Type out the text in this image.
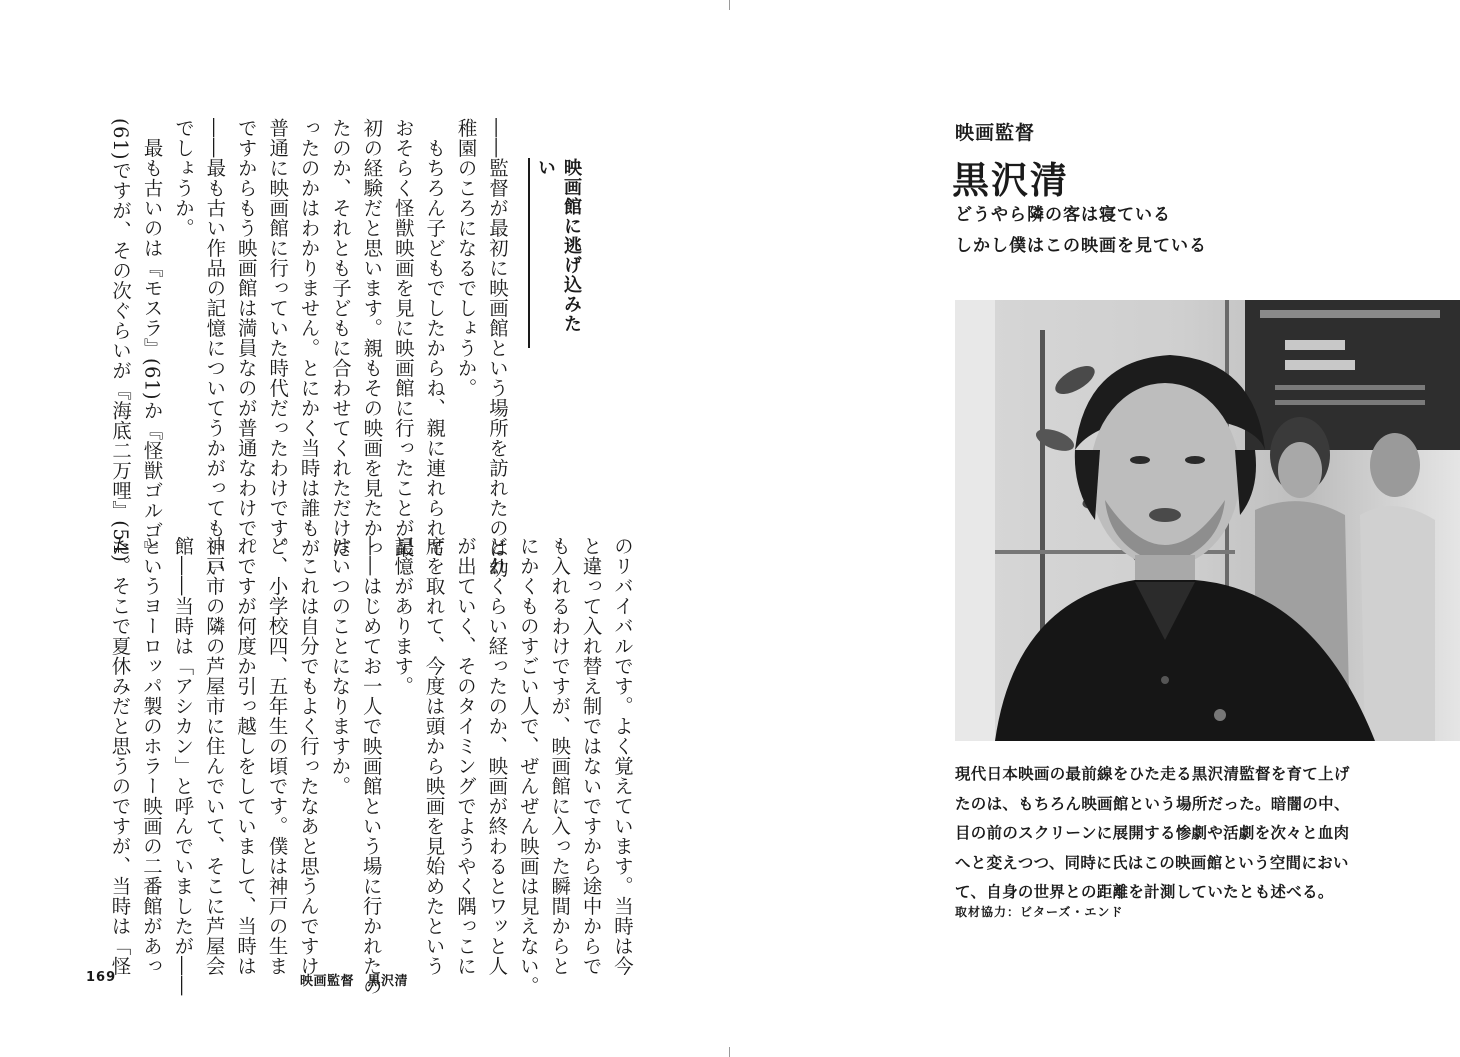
映画館に逃げ込みたい

――監督が最初に映画館という場所を訪れたのは幼

稚園のころになるでしょうか。

　もちろん子どもでしたからね、親に連れられて

おそらく怪獣映画を見に映画館に行ったことが最

初の経験だと思います。親もその映画を見たかっ

たのか、それとも子どもに合わせてくれただけだ

ったのかはわかりません。とにかく当時は誰もが

普通に映画館に行っていた時代だったわけです。

ですからもう映画館は満員なのが普通なわけで。

――最も古い作品の記憶についてうかがってもいい

でしょうか。

　最も古いのは『モスラ』(61)か『怪獣ゴルゴ』

(61)ですが、その次ぐらいが『海底二万哩』(54)

のリバイバルです。よく覚えています。当時は今

と違って入れ替え制ではないですから途中からで

も入れるわけですが、映画館に入った瞬間からと

にかくものすごい人で、ぜんぜん映画は見えない。

どれくらい経ったのか、映画が終わるとワッと人

が出ていく、そのタイミングでようやく隅っこに

席を取れて、今度は頭から映画を見始めたという

記憶があります。

――はじめてお一人で映画館という場に行かれたの

はいつのことになりますか。

　これは自分でもよく行ったなあと思うんですけ

ど、小学校四、五年生の頃です。僕は神戸の生ま

れですが何度か引っ越しをしていまして、当時は

神戸市の隣の芦屋市に住んでいて、そこに芦屋会

館――当時は「アシカン」と呼んでいましたが――

というヨーロッパ製のホラー映画の二番館があっ

た。そこで夏休みだと思うのですが、当時は「怪

169	映画監督　黒沢清
映画監督
黒沢清
どうやら隣の客は寝ている
しかし僕はこの映画を見ている
現代日本映画の最前線をひた走る黒沢清監督を育て上げ
たのは、もちろん映画館という場所だった。暗闇の中、
目の前のスクリーンに展開する惨劇や活劇を次々と血肉
へと変えつつ、同時に氏はこの映画館という空間におい
て、自身の世界との距離を計測していたとも述べる。
取材協力：ビターズ・エンド
